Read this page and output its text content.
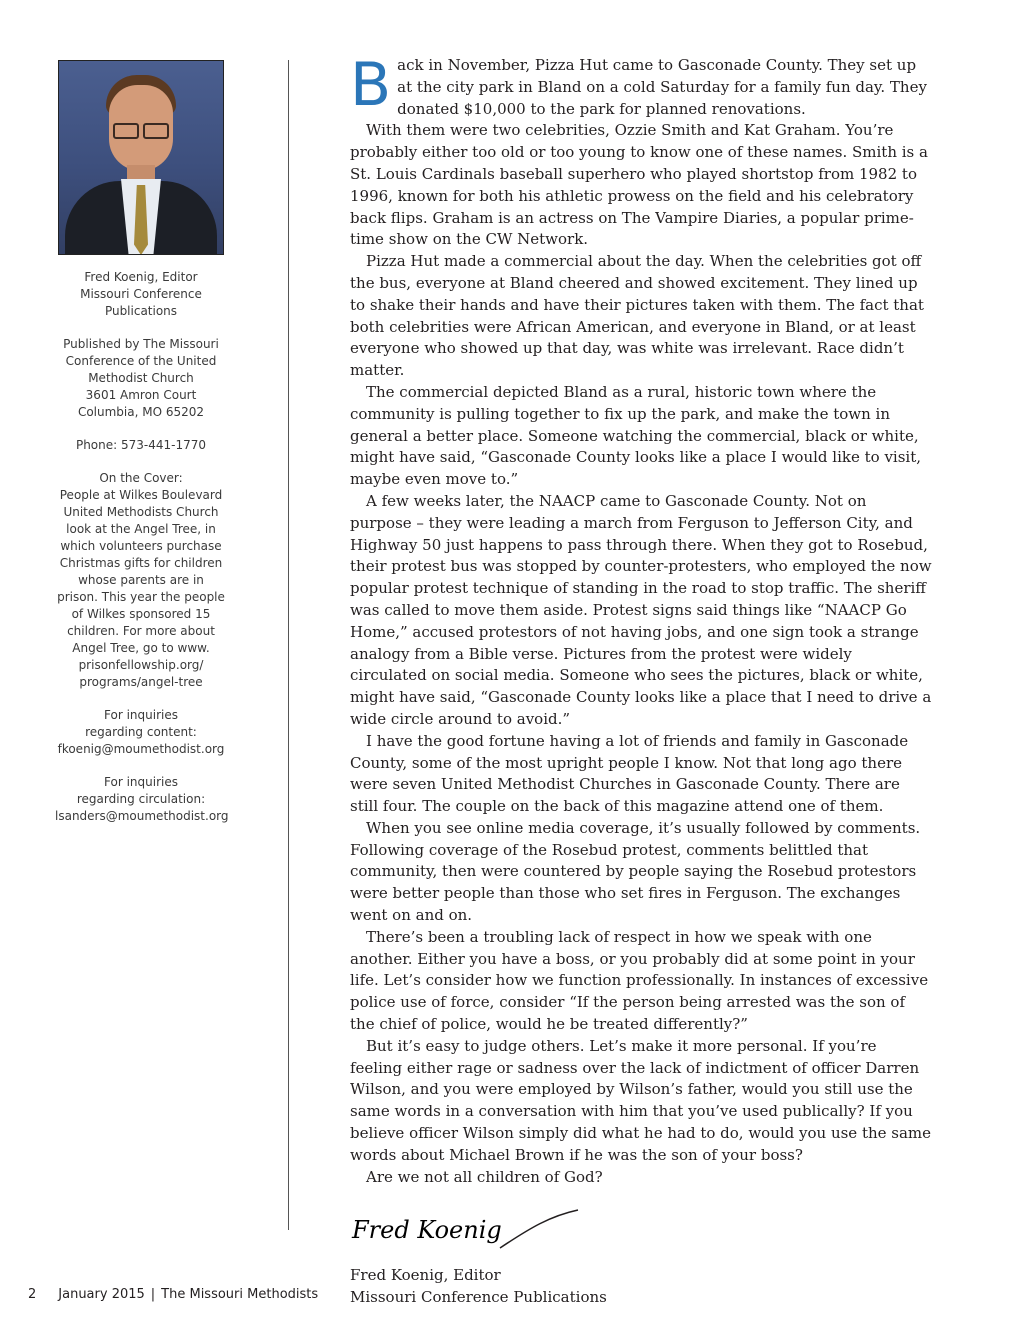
Fred Koenig, Editor
Missouri Conference
Publications
Published by The Missouri
Conference of the United
Methodist Church
3601 Amron Court
Columbia, MO 65202
Phone: 573-441-1770
On the Cover:
People at Wilkes Boulevard
United Methodists Church
look at the Angel Tree, in
which volunteers purchase
Christmas gifts for children
whose parents are in
prison. This year the people
of Wilkes sponsored 15
children. For more about
Angel Tree, go to www.
prisonfellowship.org/
programs/angel-tree
For inquiries
regarding content:
fkoenig@moumethodist.org
For inquiries
regarding circulation:
lsanders@moumethodist.org

Back in November, Pizza Hut came to Gasconade County. They set up at the city park in Bland on a cold Saturday for a family fun day. They donated $10,000 to the park for planned renovations.

With them were two celebrities, Ozzie Smith and Kat Graham. You’re probably either too old or too young to know one of these names. Smith is a St. Louis Cardinals baseball superhero who played shortstop from 1982 to 1996, known for both his athletic prowess on the field and his celebratory back flips. Graham is an actress on The Vampire Diaries, a popular prime-time show on the CW Network.

Pizza Hut made a commercial about the day. When the celebrities got off the bus, everyone at Bland cheered and showed excitement. They lined up to shake their hands and have their pictures taken with them. The fact that both celebrities were African American, and everyone in Bland, or at least everyone who showed up that day, was white was irrelevant. Race didn’t matter.

The commercial depicted Bland as a rural, historic town where the community is pulling together to fix up the park, and make the town in general a better place. Someone watching the commercial, black or white, might have said, “Gasconade County looks like a place I would like to visit, maybe even move to.”

A few weeks later, the NAACP came to Gasconade County. Not on purpose – they were leading a march from Ferguson to Jefferson City, and Highway 50 just happens to pass through there. When they got to Rosebud, their protest bus was stopped by counter-protesters, who employed the now popular protest technique of standing in the road to stop traffic. The sheriff was called to move them aside. Protest signs said things like “NAACP Go Home,” accused protestors of not having jobs, and one sign took a strange analogy from a Bible verse. Pictures from the protest were widely circulated on social media. Someone who sees the pictures, black or white, might have said, “Gasconade County looks like a place that I need to drive a wide circle around to avoid.”

I have the good fortune having a lot of friends and family in Gasconade County, some of the most upright people I know. Not that long ago there were seven United Methodist Churches in Gasconade County. There are still four. The couple on the back of this magazine attend one of them.

When you see online media coverage, it’s usually followed by comments. Following coverage of the Rosebud protest, comments belittled that community, then were countered by people saying the Rosebud protestors were better people than those who set fires in Ferguson. The exchanges went on and on.

There’s been a troubling lack of respect in how we speak with one another. Either you have a boss, or you probably did at some point in your life. Let’s consider how we function professionally. In instances of excessive police use of force, consider “If the person being arrested was the son of the chief of police, would he be treated differently?”

But it’s easy to judge others. Let’s make it more personal. If you’re feeling either rage or sadness over the lack of indictment of officer Darren Wilson, and you were employed by Wilson’s father, would you still use the same words in a conversation with him that you’ve used publically? If you believe officer Wilson simply did what he had to do, would you use the same words about Michael Brown if he was the son of your boss?

Are we not all children of God?

Fred Koenig
Fred Koenig, Editor
Missouri Conference Publications
2 January 2015 | The Missouri Methodists
